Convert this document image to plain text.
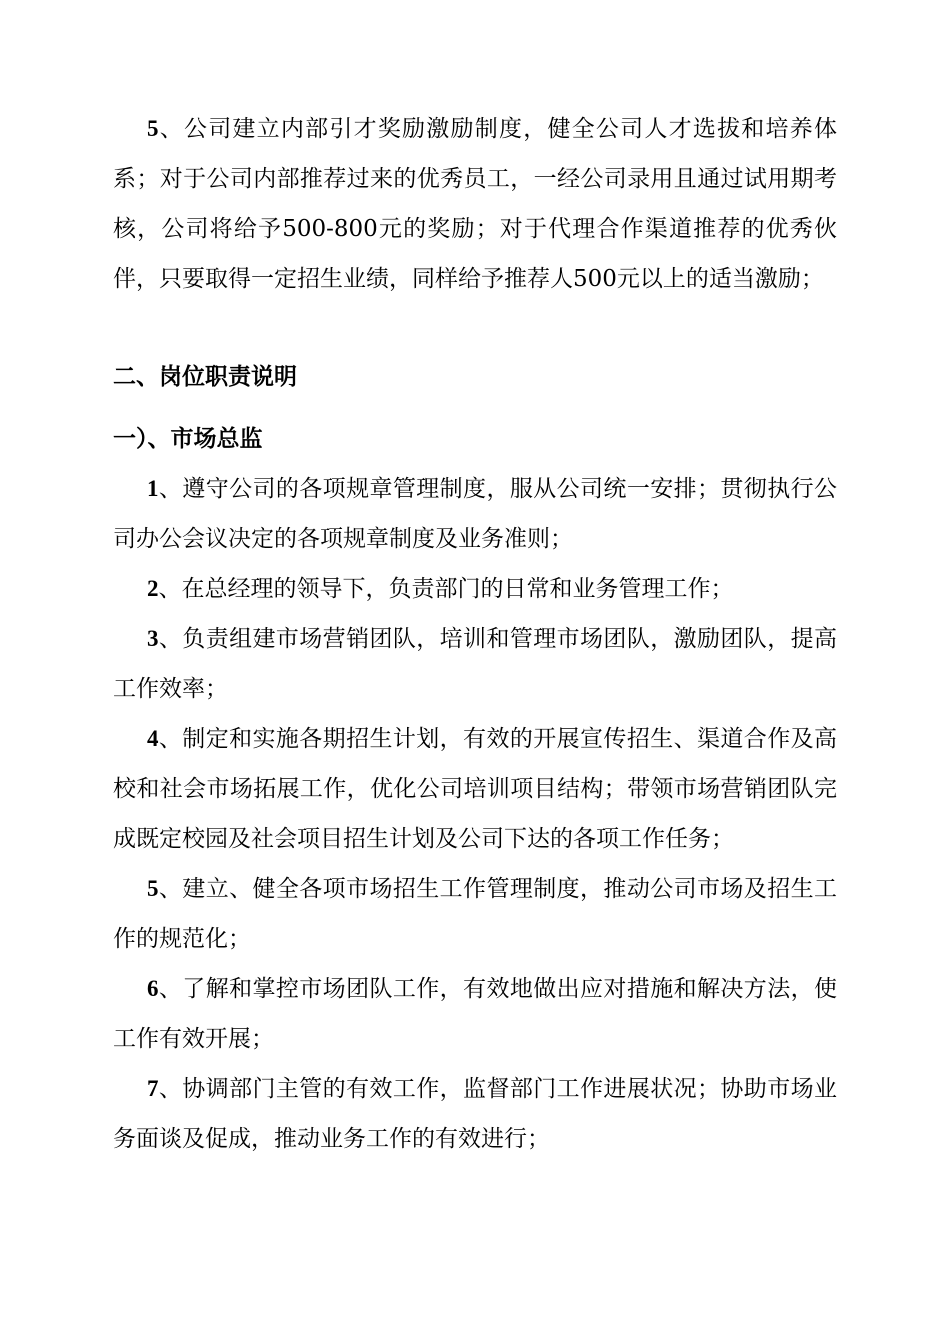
5、公司建立内部引才奖励激励制度，健全公司人才选拔和培养体系；对于公司内部推荐过来的优秀员工，一经公司录用且通过试用期考核，公司将给予500-800元的奖励；对于代理合作渠道推荐的优秀伙伴，只要取得一定招生业绩，同样给予推荐人500元以上的适当激励；

二、岗位职责说明
一）、市场总监

1、遵守公司的各项规章管理制度，服从公司统一安排；贯彻执行公司办公会议决定的各项规章制度及业务准则；

2、在总经理的领导下，负责部门的日常和业务管理工作；

3、负责组建市场营销团队，培训和管理市场团队，激励团队，提高工作效率；

4、制定和实施各期招生计划，有效的开展宣传招生、渠道合作及高校和社会市场拓展工作，优化公司培训项目结构；带领市场营销团队完成既定校园及社会项目招生计划及公司下达的各项工作任务；

5、建立、健全各项市场招生工作管理制度，推动公司市场及招生工作的规范化；

6、了解和掌控市场团队工作，有效地做出应对措施和解决方法，使工作有效开展；

7、协调部门主管的有效工作，监督部门工作进展状况；协助市场业务面谈及促成，推动业务工作的有效进行；
